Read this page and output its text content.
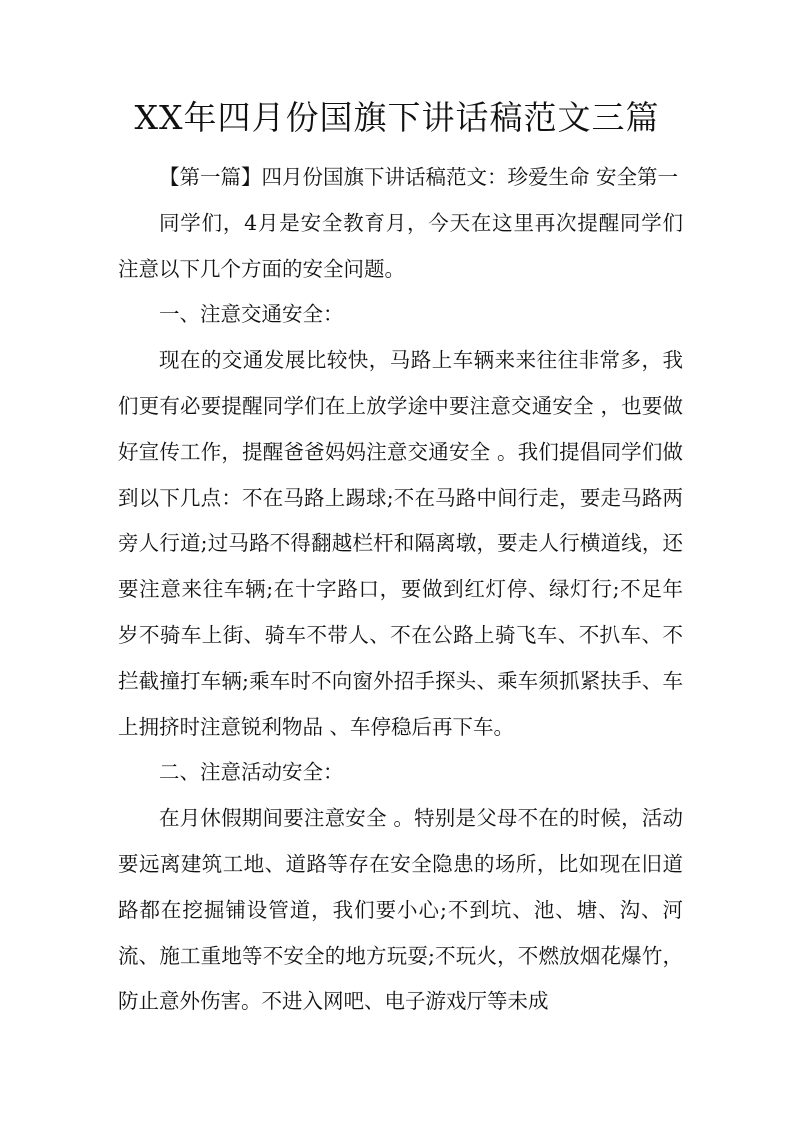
XX年四月份国旗下讲话稿范文三篇

【第一篇】四月份国旗下讲话稿范文：珍爱生命 安全第一

同学们，4月是安全教育月，今天在这里再次提醒同学们注意以下几个方面的安全问题。

一、注意交通安全：

现在的交通发展比较快，马路上车辆来来往往非常多，我们更有必要提醒同学们在上放学途中要注意交通安全 ，也要做好宣传工作，提醒爸爸妈妈注意交通安全 。我们提倡同学们做到以下几点：不在马路上踢球;不在马路中间行走，要走马路两旁人行道;过马路不得翻越栏杆和隔离墩，要走人行横道线，还要注意来往车辆;在十字路口，要做到红灯停、绿灯行;不足年岁不骑车上街、骑车不带人、不在公路上骑飞车、不扒车、不拦截撞打车辆;乘车时不向窗外招手探头、乘车须抓紧扶手、车上拥挤时注意锐利物品 、车停稳后再下车。

二、注意活动安全：

在月休假期间要注意安全 。特别是父母不在的时候，活动要远离建筑工地、道路等存在安全隐患的场所，比如现在旧道路都在挖掘铺设管道，我们要小心;不到坑、池、塘、沟、河流、施工重地等不安全的地方玩耍;不玩火，不燃放烟花爆竹，防止意外伤害。不进入网吧、电子游戏厅等未成
